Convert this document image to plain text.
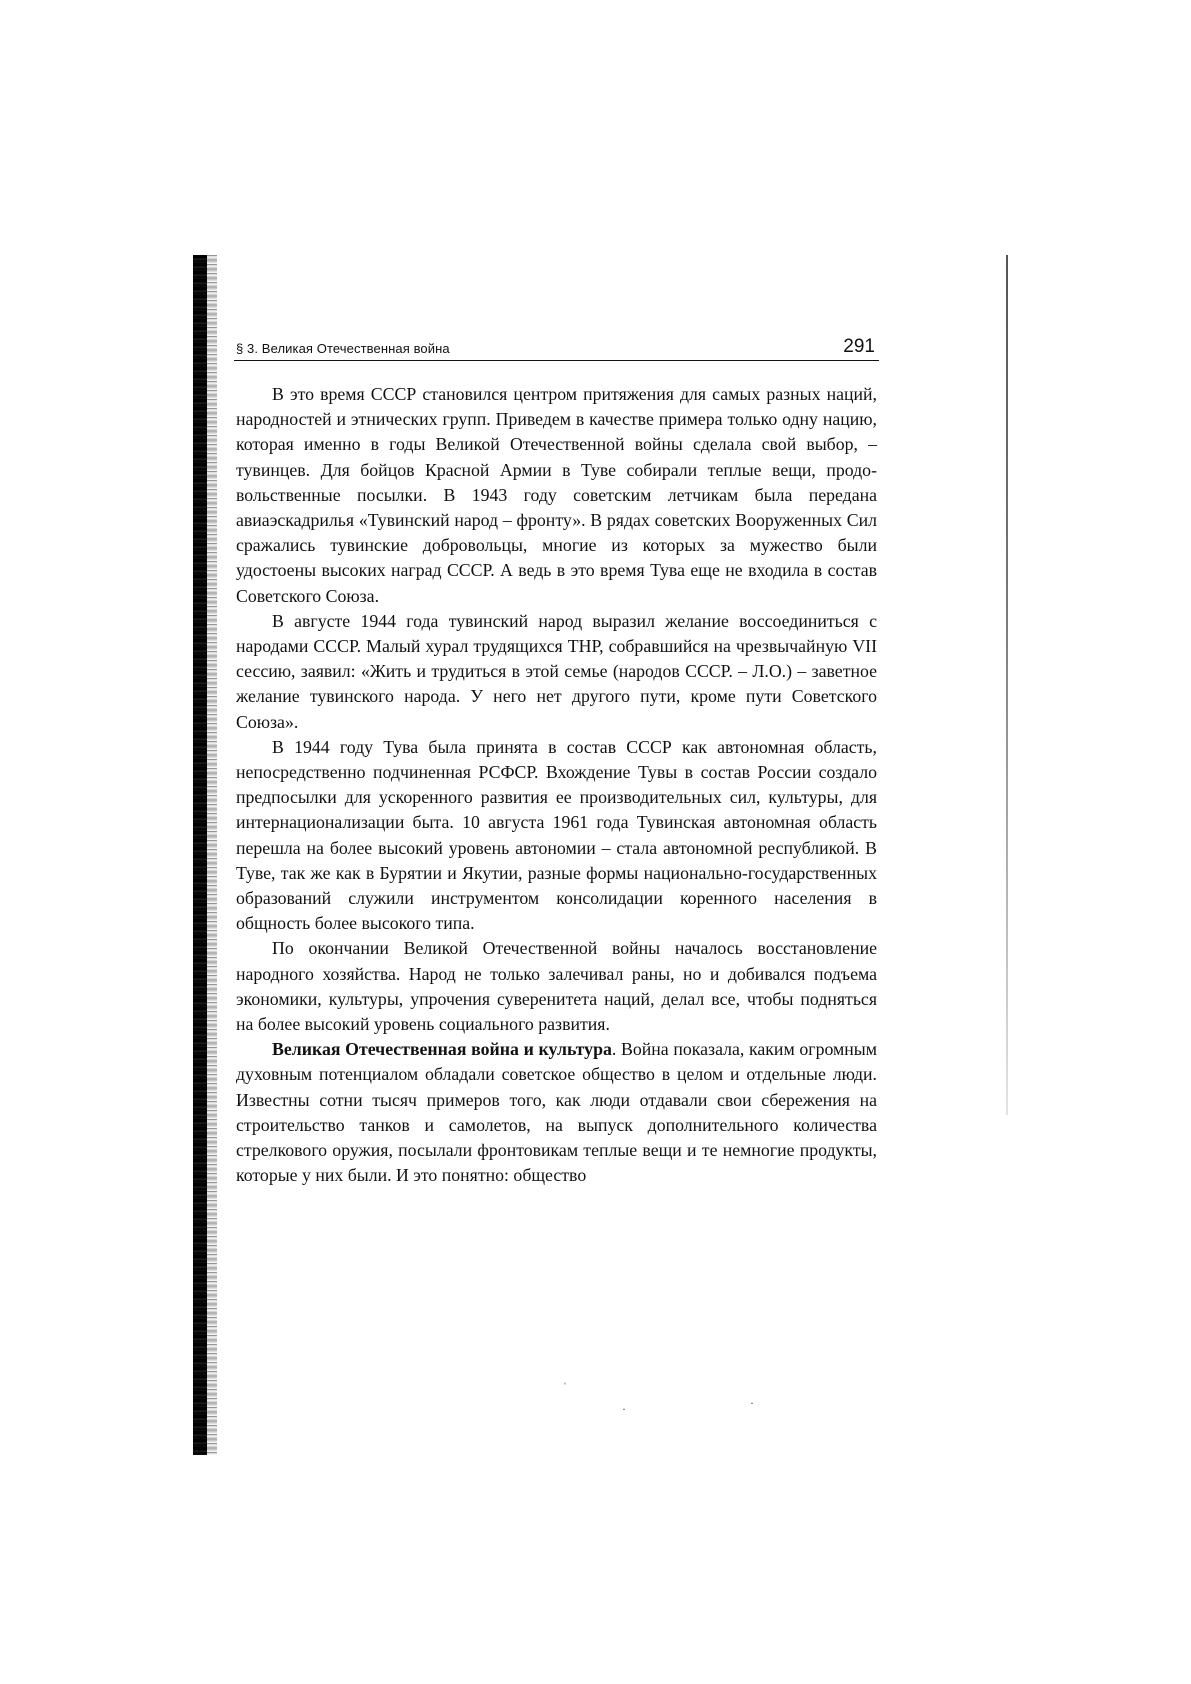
§ 3. Великая Отечественная война	291

В это время СССР становился центром притяжения для самых разных наций, народностей и этнических групп. Приведем в качестве примера только одну нацию, которая именно в годы Великой Отечественной войны сделала свой выбор, – тувинцев. Для бойцов Красной Армии в Туве собирали теплые вещи, продовольственные посылки. В 1943 году советским летчикам была передана авиаэскадрилья «Тувинский народ – фронту». В рядах советских Вооруженных Сил сражались тувинские добровольцы, многие из которых за мужество были удостоены высоких наград СССР. А ведь в это время Тува еще не входила в состав Советского Союза.

В августе 1944 года тувинский народ выразил желание воссоединиться с народами СССР. Малый хурал трудящихся ТНР, собравшийся на чрезвычайную VII сессию, заявил: «Жить и трудиться в этой семье (народов СССР. – Л.О.) – заветное желание тувинского народа. У него нет другого пути, кроме пути Советского Союза».

В 1944 году Тува была принята в состав СССР как автономная область, непосредственно подчиненная РСФСР. Вхождение Тувы в состав России создало предпосылки для ускоренного развития ее производительных сил, культуры, для интернационализации быта. 10 августа 1961 года Тувинская автономная область перешла на более высокий уровень автономии – стала автономной республикой. В Туве, так же как в Бурятии и Якутии, разные формы национально-государственных образований служили инструментом консолидации коренного населения в общность более высокого типа.

По окончании Великой Отечественной войны началось восстановление народного хозяйства. Народ не только залечивал раны, но и добивался подъема экономики, культуры, упрочения суверенитета наций, делал все, чтобы подняться на более высокий уровень социального развития.

Великая Отечественная война и культура. Война показала, каким огромным духовным потенциалом обладали советское общество в целом и отдельные люди. Известны сотни тысяч примеров того, как люди отдавали свои сбережения на строительство танков и самолетов, на выпуск дополнительного количества стрелкового оружия, посылали фронтовикам теплые вещи и те немногие продукты, которые у них были. И это понятно: общество

ˈ
·	·
